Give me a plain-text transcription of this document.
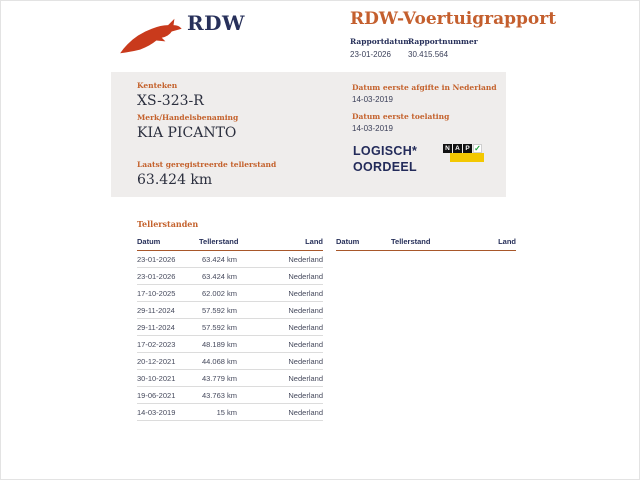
RDW	RDW-Voertuigrapport
Rapportdatum
23-01-2026
Rapportnummer
30.415.564
Kenteken
XS-323-R
Merk/Handelsbenaming
KIA PICANTO
Laatst geregistreerde tellerstand
63.424 km
Datum eerste afgifte in Nederland
14-03-2019
Datum eerste toelating
14-03-2019
LOGISCH*
OORDEEL
N A P ✓
Tellerstanden
Datum	Tellerstand	Land
23-01-2026	63.424 km	Nederland
23-01-2026	63.424 km	Nederland
17-10-2025	62.002 km	Nederland
29-11-2024	57.592 km	Nederland
29-11-2024	57.592 km	Nederland
17-02-2023	48.189 km	Nederland
20-12-2021	44.068 km	Nederland
30-10-2021	43.779 km	Nederland
19-06-2021	43.763 km	Nederland
14-03-2019	15 km	Nederland
Datum	Tellerstand	Land
